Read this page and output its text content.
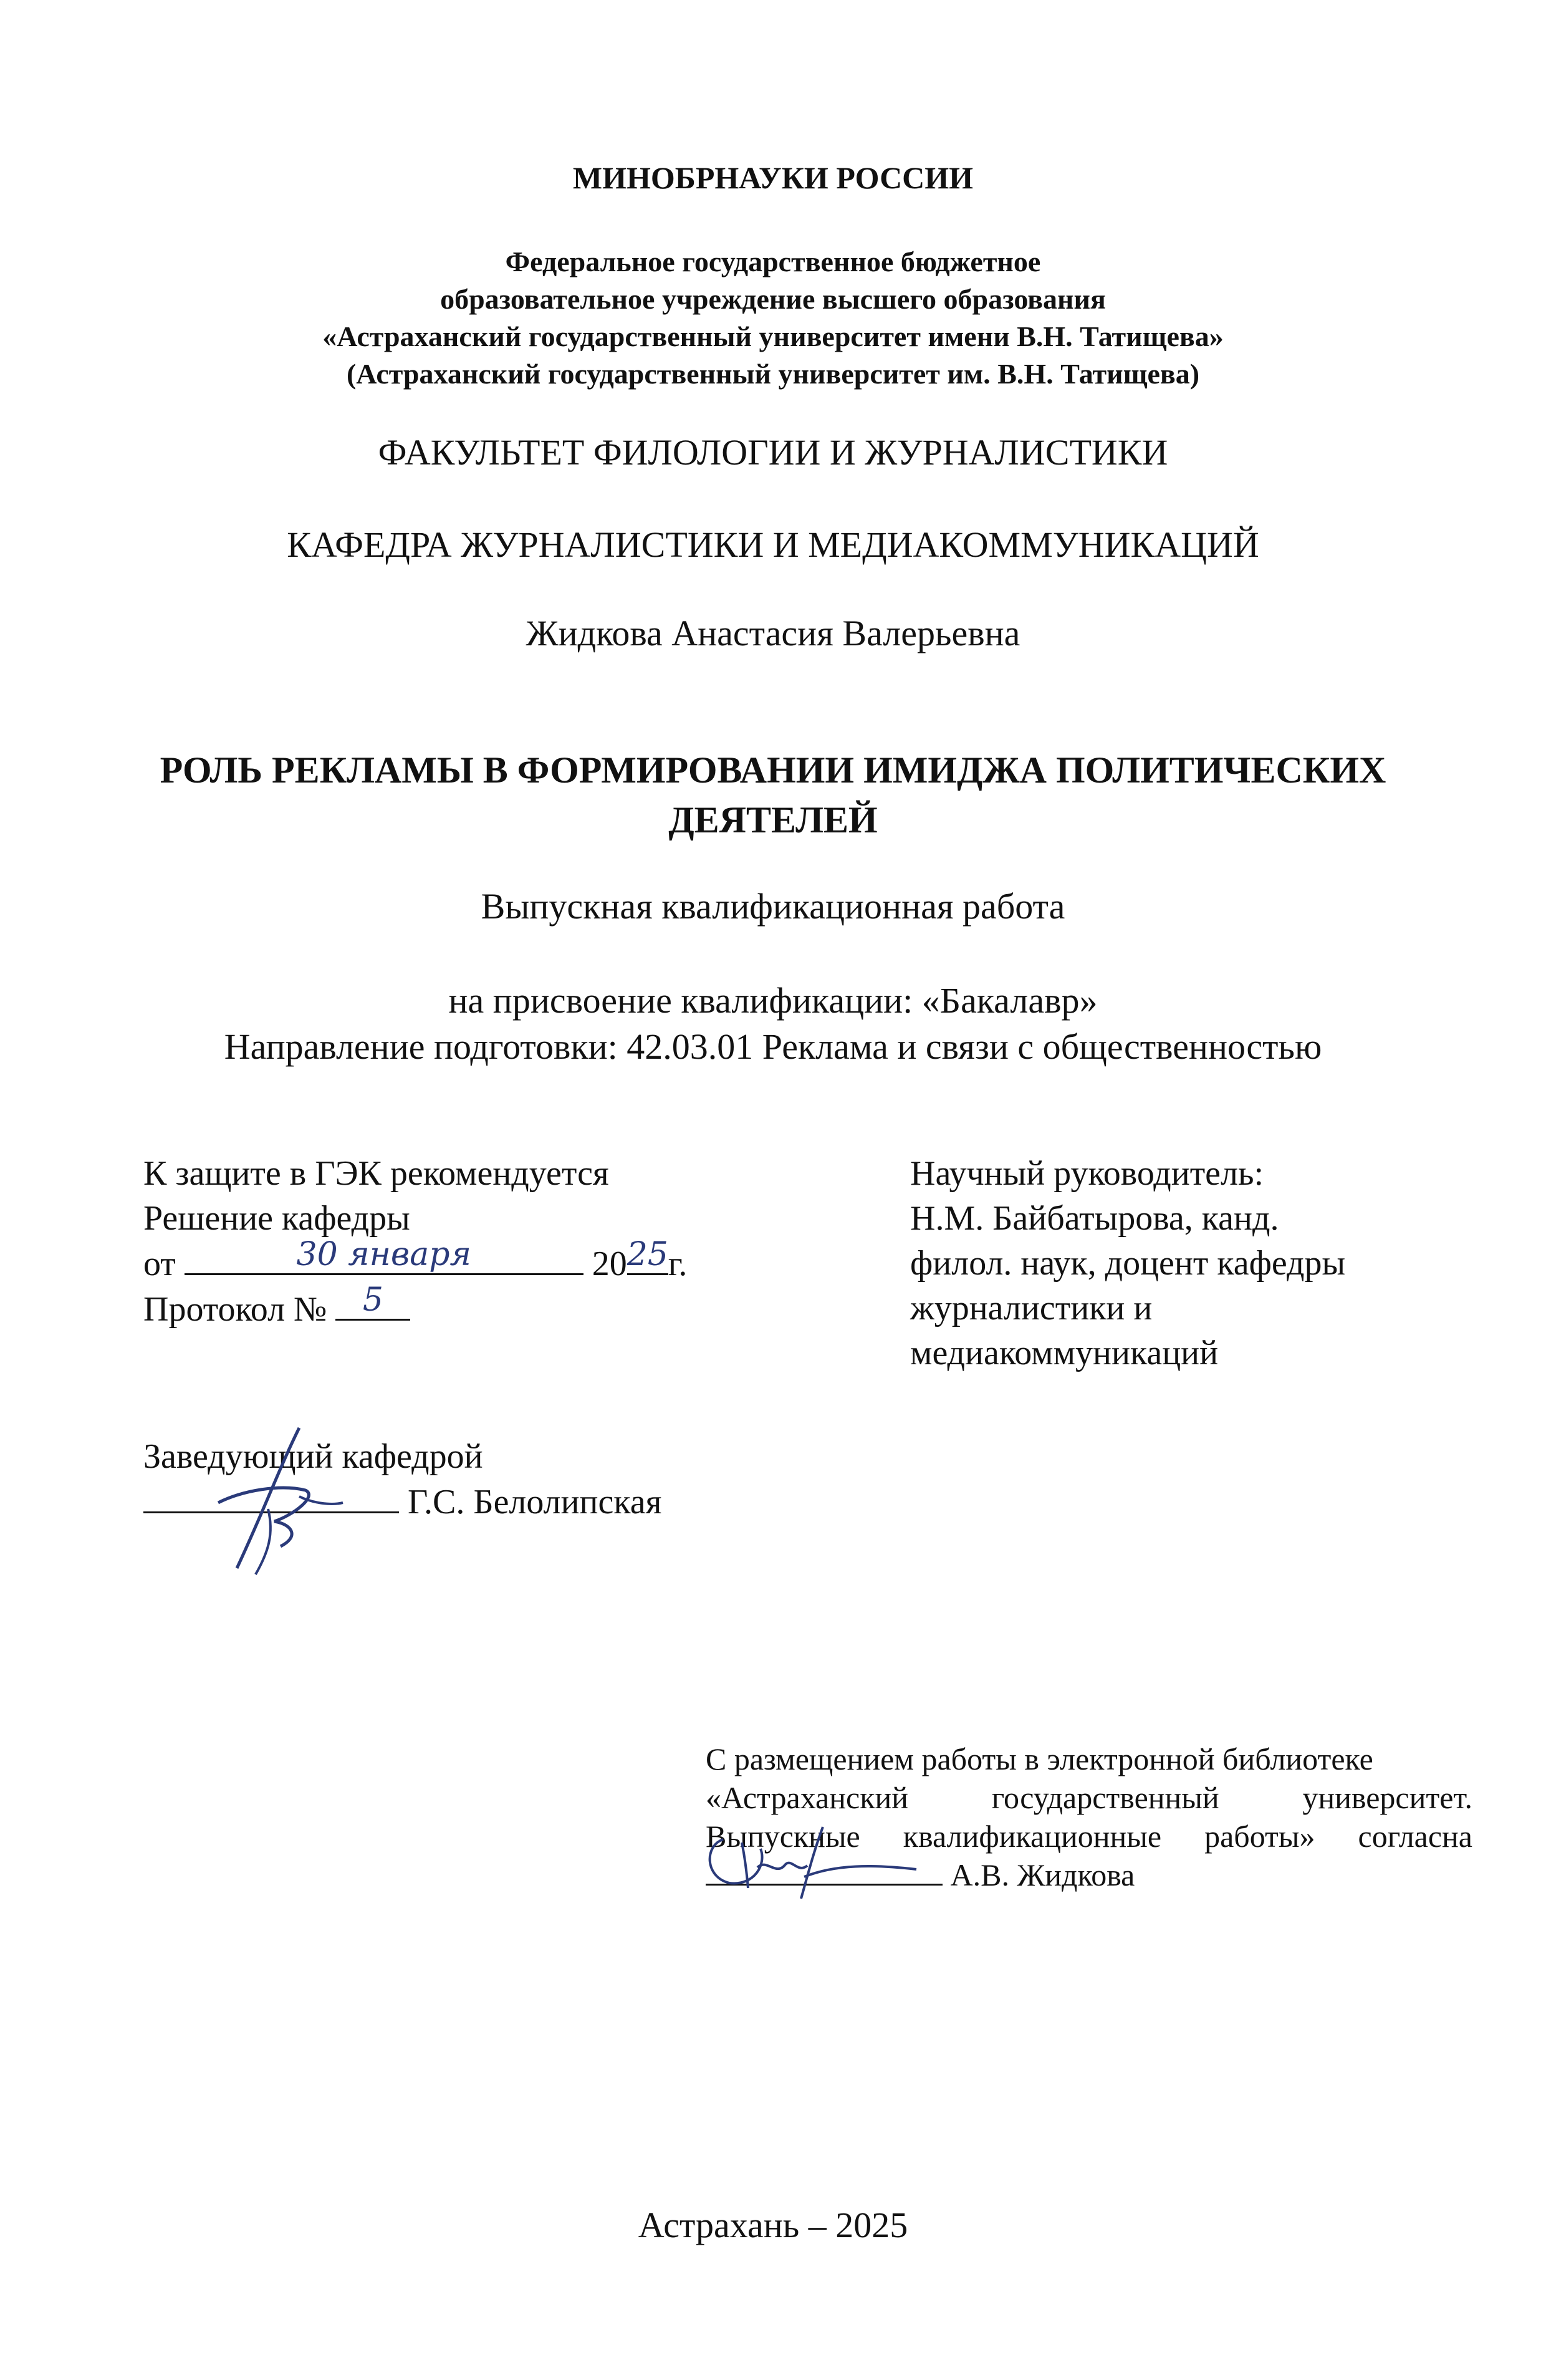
МИНОБРНАУКИ РОССИИ
Федеральное государственное бюджетное
образовательное учреждение высшего образования
«Астраханский государственный университет имени В.Н. Татищева»
(Астраханский государственный университет им. В.Н. Татищева)
ФАКУЛЬТЕТ ФИЛОЛОГИИ И ЖУРНАЛИСТИКИ
КАФЕДРА ЖУРНАЛИСТИКИ И МЕДИАКОММУНИКАЦИЙ
Жидкова Анастасия Валерьевна
РОЛЬ РЕКЛАМЫ В ФОРМИРОВАНИИ ИМИДЖА ПОЛИТИЧЕСКИХ
ДЕЯТЕЛЕЙ
Выпускная квалификационная работа
на присвоение квалификации: «Бакалавр»
Направление подготовки: 42.03.01 Реклама и связи с общественностью
К защите в ГЭК рекомендуется
Решение кафедры
от	30 января	20 25 г.
Протокол №	5
Научный руководитель:
Н.М. Байбатырова, канд.
филол. наук, доцент кафедры
журналистики и
медиакоммуникаций
Заведующий кафедрой
Г.С. Белолипская
С размещением работы в электронной библиотеке
«Астраханский государственный университет.
Выпускные квалификационные работы» согласна
А.В. Жидкова
Астрахань – 2025
